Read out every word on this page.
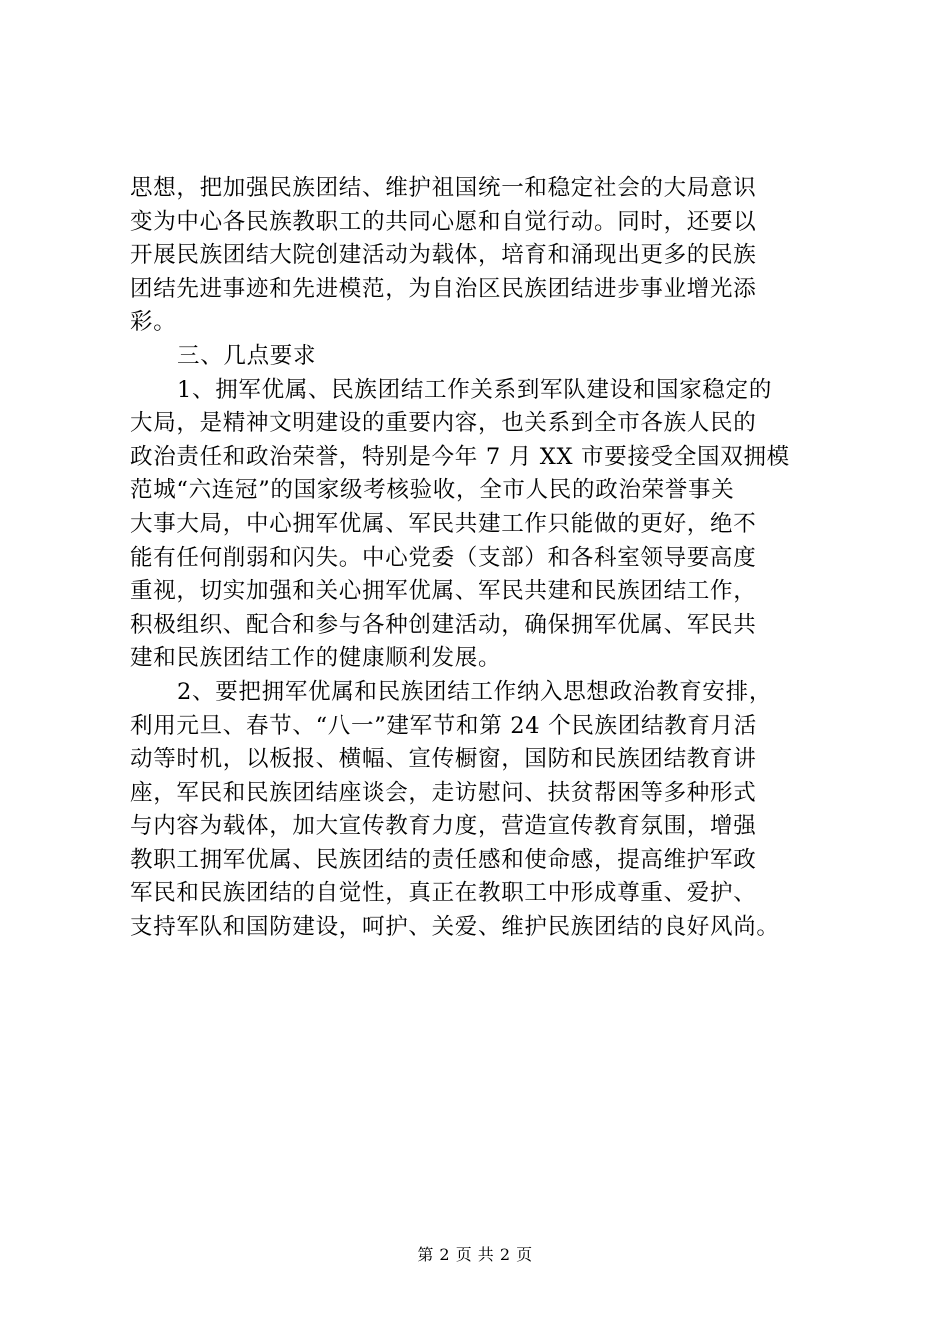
思想，把加强民族团结、维护祖国统一和稳定社会的大局意识
变为中心各民族教职工的共同心愿和自觉行动。同时，还要以
开展民族团结大院创建活动为载体，培育和涌现出更多的民族
团结先进事迹和先进模范，为自治区民族团结进步事业增光添
彩。
三、几点要求
1、拥军优属、民族团结工作关系到军队建设和国家稳定的
大局，是精神文明建设的重要内容，也关系到全市各族人民的
政治责任和政治荣誉，特别是今年 7 月 XX 市要接受全国双拥模
范城“六连冠”的国家级考核验收，全市人民的政治荣誉事关
大事大局，中心拥军优属、军民共建工作只能做的更好，绝不
能有任何削弱和闪失。中心党委（支部）和各科室领导要高度
重视，切实加强和关心拥军优属、军民共建和民族团结工作，
积极组织、配合和参与各种创建活动，确保拥军优属、军民共
建和民族团结工作的健康顺利发展。
2、要把拥军优属和民族团结工作纳入思想政治教育安排，
利用元旦、春节、“八一”建军节和第 24 个民族团结教育月活
动等时机，以板报、横幅、宣传橱窗，国防和民族团结教育讲
座，军民和民族团结座谈会，走访慰问、扶贫帮困等多种形式
与内容为载体，加大宣传教育力度，营造宣传教育氛围，增强
教职工拥军优属、民族团结的责任感和使命感，提高维护军政
军民和民族团结的自觉性，真正在教职工中形成尊重、爱护、
支持军队和国防建设，呵护、关爱、维护民族团结的良好风尚。
第 2 页 共 2 页
